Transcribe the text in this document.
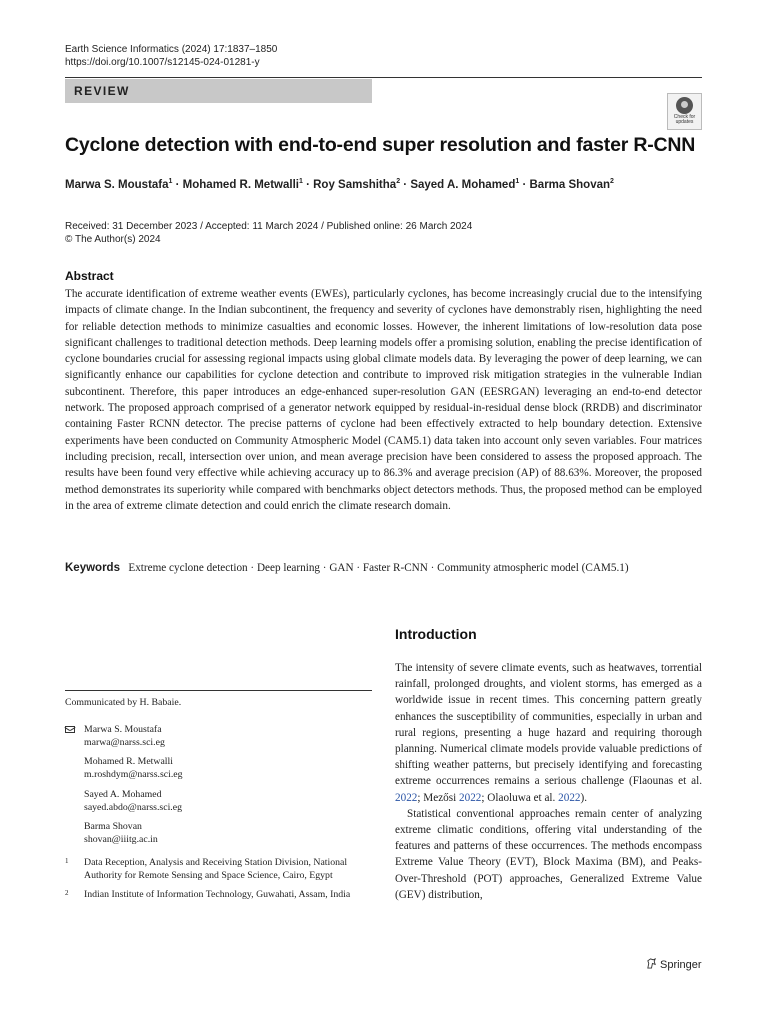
Earth Science Informatics (2024) 17:1837–1850
https://doi.org/10.1007/s12145-024-01281-y
REVIEW
Check for updates
Cyclone detection with end-to-end super resolution and faster R-CNN
Marwa S. Moustafa$^1$ · Mohamed R. Metwalli$^1$ · Roy Samshitha$^2$ · Sayed A. Mohamed$^1$ · Barma Shovan$^2$
Received: 31 December 2023 / Accepted: 11 March 2024 / Published online: 26 March 2024
© The Author(s) 2024
Abstract
The accurate identification of extreme weather events (EWEs), particularly cyclones, has become increasingly crucial due to the intensifying impacts of climate change. In the Indian subcontinent, the frequency and severity of cyclones have demonstrably risen, highlighting the need for reliable detection methods to minimize casualties and economic losses. However, the inherent limitations of low-resolution data pose significant challenges to traditional detection methods. Deep learning models offer a promising solution, enabling the precise identification of cyclone boundaries crucial for assessing regional impacts using global climate models data. By leveraging the power of deep learning, we can significantly enhance our capabilities for cyclone detection and contribute to improved risk mitigation strategies in the vulnerable Indian subcontinent. Therefore, this paper introduces an edge-enhanced super-resolution GAN (EESRGAN) leveraging an end-to-end detector network. The proposed approach comprised of a generator network equipped by residual-in-residual dense block (RRDB) and discriminator containing Faster RCNN detector. The precise patterns of cyclone had been effectively extracted to help boundary detection. Extensive experiments have been conducted on Community Atmospheric Model (CAM5.1) data taken into account only seven variables. Four matrices including precision, recall, intersection over union, and mean average precision have been considered to assess the proposed approach. The results have been found very effective while achieving accuracy up to 86.3% and average precision (AP) of 88.63%. Moreover, the proposed method demonstrates its superiority while compared with benchmarks object detectors methods. Thus, the proposed method can be employed in the area of extreme climate detection and could enrich the climate research domain.
Keywords Extreme cyclone detection · Deep learning · GAN · Faster R-CNN · Community atmospheric model (CAM5.1)
Introduction

The intensity of severe climate events, such as heatwaves, torrential rainfall, prolonged droughts, and violent storms, has emerged as a worldwide issue in recent times. This concerning pattern greatly enhances the susceptibility of communities, especially in urban and rural regions, presenting a huge hazard and requiring thorough planning. Numerical climate models provide valuable predictions of shifting weather patterns, but precisely identifying and forecasting extreme occurrences remains a serious challenge (Flaounas et al. 2022; Mezősi 2022; Olaoluwa et al. 2022).

Statistical conventional approaches remain center of analyzing extreme climatic conditions, offering vital understanding of the features and patterns of these occurrences. The methods encompass Extreme Value Theory (EVT), Block Maxima (BM), and Peaks-Over-Threshold (POT) approaches, Generalized Extreme Value (GEV) distribution,

Communicated by H. Babaie.
Marwa S. Moustafa
marwa@narss.sci.eg
Mohamed R. Metwalli
m.roshdym@narss.sci.eg
Sayed A. Mohamed
sayed.abdo@narss.sci.eg
Barma Shovan
shovan@iiitg.ac.in
1 Data Reception, Analysis and Receiving Station Division, National Authority for Remote Sensing and Space Science, Cairo, Egypt
2 Indian Institute of Information Technology, Guwahati, Assam, India
Springer
